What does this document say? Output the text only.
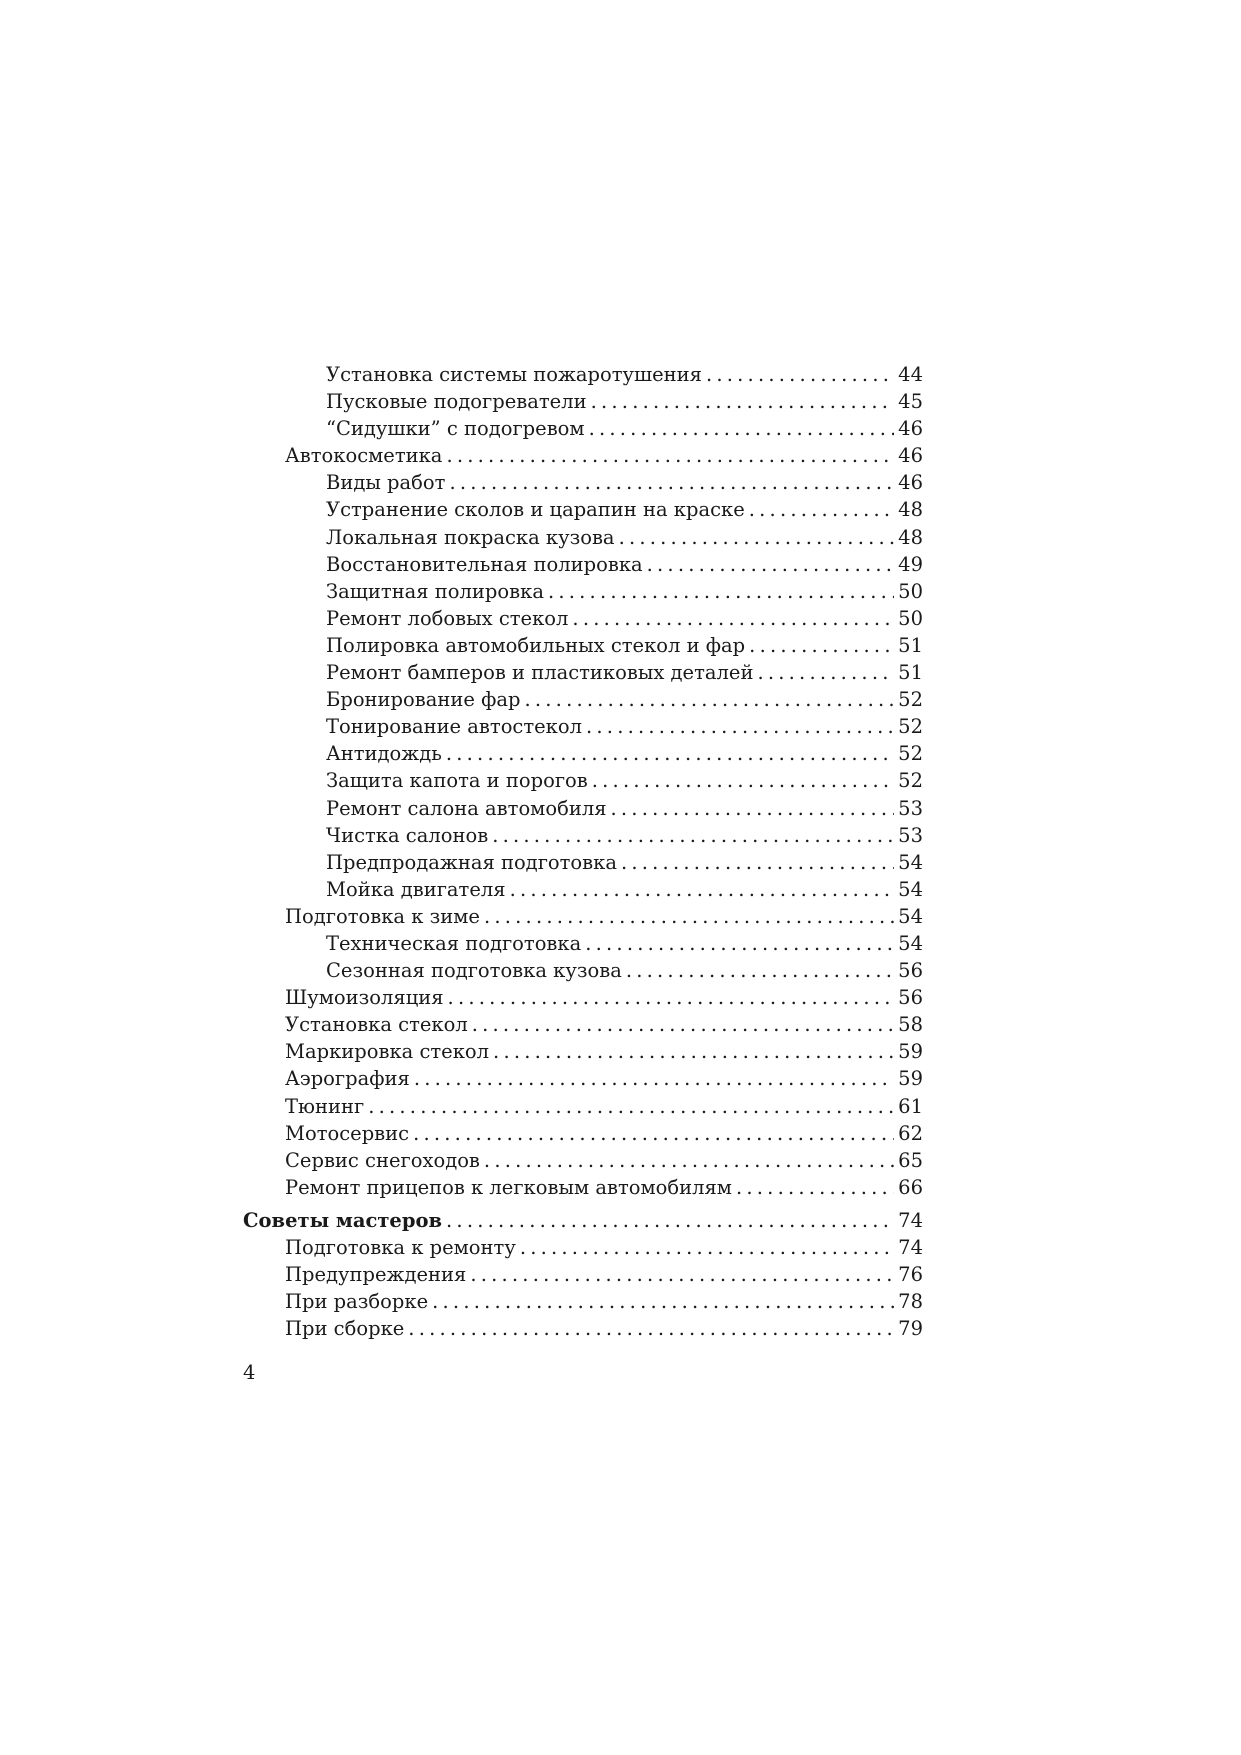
Установка системы пожаротушения . . .	44
Пусковые подогреватели . . .	45
“Сидушки” с подогревом . . .	46
Автокосметика . . .	46
Виды работ . . .	46
Устранение сколов и царапин на краске . . .	48
Локальная покраска кузова . . .	48
Восстановительная полировка . . .	49
Защитная полировка . . .	50
Ремонт лобовых стекол . . .	50
Полировка автомобильных стекол и фар . . .	51
Ремонт бамперов и пластиковых деталей . . .	51
Бронирование фар . . .	52
Тонирование автостекол . . .	52
Антидождь . . .	52
Защита капота и порогов . . .	52
Ремонт салона автомобиля . . .	53
Чистка салонов . . .	53
Предпродажная подготовка . . .	54
Мойка двигателя . . .	54
Подготовка к зиме . . .	54
Техническая подготовка . . .	54
Сезонная подготовка кузова . . .	56
Шумоизоляция . . .	56
Установка стекол . . .	58
Маркировка стекол . . .	59
Аэрография . . .	59
Тюнинг . . .	61
Мотосервис . . .	62
Сервис снегоходов . . .	65
Ремонт прицепов к легковым автомобилям . . .	66
Советы мастеров . . .	74
Подготовка к ремонту . . .	74
Предупреждения . . .	76
При разборке . . .	78
При сборке . . .	79
4
